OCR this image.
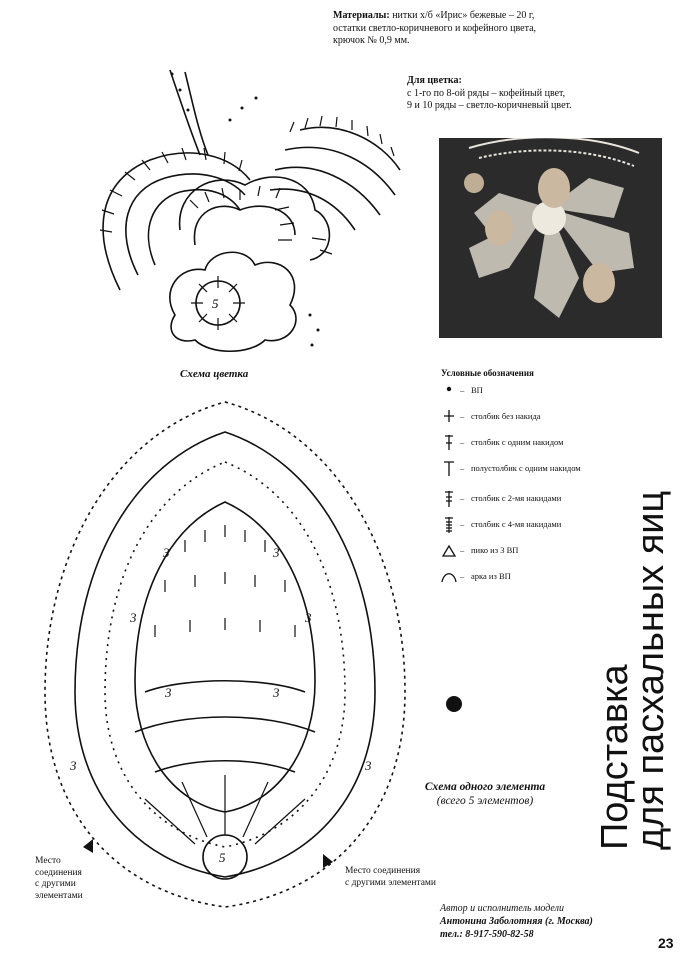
Материалы: нитки х/б «Ирис» бежевые – 20 г,
остатки светло-коричневого и кофейного цвета,
крючок № 0,9 мм.
Для цветка:
с 1-го по 8-ой ряды – кофейный цвет,
9 и 10 ряды – светло-коричневый цвет.
5
Схема цветка
3	3
3	3
3	3
3	3
5
Схема одного элемента
(всего 5 элементов)
Условные обозначения
– ВП
– столбик без накида
– столбик с одним накидом
– полустолбик с одним накидом
– столбик с 2-мя накидами
– столбик с 4-мя накидами
– пико из 3 ВП
– арка из ВП
Подставка
для пасхальных яиц
Место
соединения
с другими
элементами
Место соединения
с другими элементами
Автор и исполнитель модели
Антонина Заболотняя (г. Москва)
тел.: 8-917-590-82-58
23
